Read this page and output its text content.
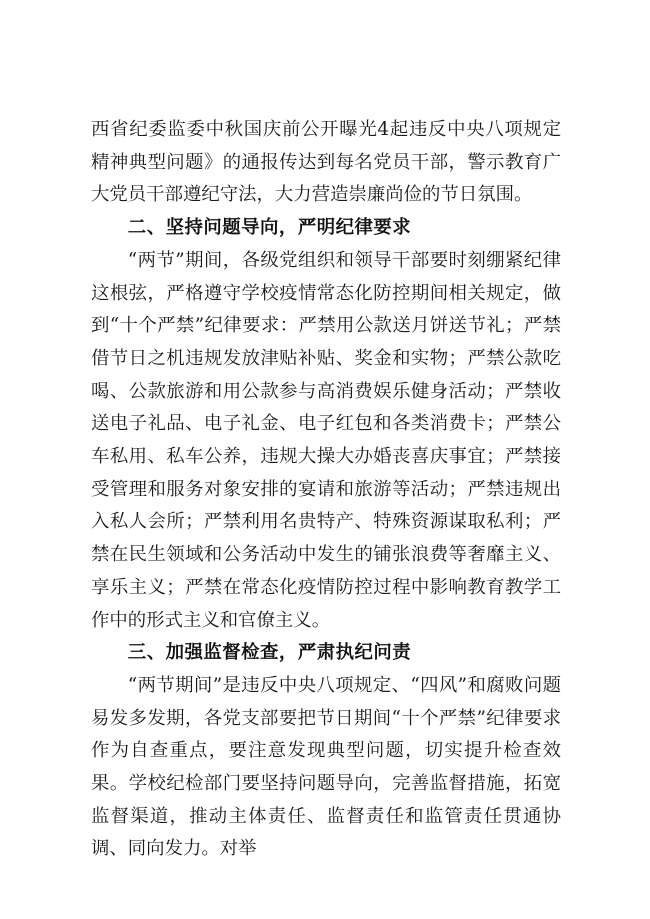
西省纪委监委中秋国庆前公开曝光4起违反中央八项规定精神典型问题》的通报传达到每名党员干部，警示教育广大党员干部遵纪守法，大力营造崇廉尚俭的节日氛围。

二、坚持问题导向，严明纪律要求

“两节”期间，各级党组织和领导干部要时刻绷紧纪律这根弦，严格遵守学校疫情常态化防控期间相关规定，做到“十个严禁”纪律要求：严禁用公款送月饼送节礼；严禁借节日之机违规发放津贴补贴、奖金和实物；严禁公款吃喝、公款旅游和用公款参与高消费娱乐健身活动；严禁收送电子礼品、电子礼金、电子红包和各类消费卡；严禁公车私用、私车公养，违规大操大办婚丧喜庆事宜；严禁接受管理和服务对象安排的宴请和旅游等活动；严禁违规出入私人会所；严禁利用名贵特产、特殊资源谋取私利；严禁在民生领域和公务活动中发生的铺张浪费等奢靡主义、享乐主义；严禁在常态化疫情防控过程中影响教育教学工作中的形式主义和官僚主义。

三、加强监督检查，严肃执纪问责

“两节期间”是违反中央八项规定、“四风”和腐败问题易发多发期，各党支部要把节日期间“十个严禁”纪律要求作为自查重点，要注意发现典型问题，切实提升检查效果。学校纪检部门要坚持问题导向，完善监督措施，拓宽监督渠道，推动主体责任、监督责任和监管责任贯通协调、同向发力。对举
